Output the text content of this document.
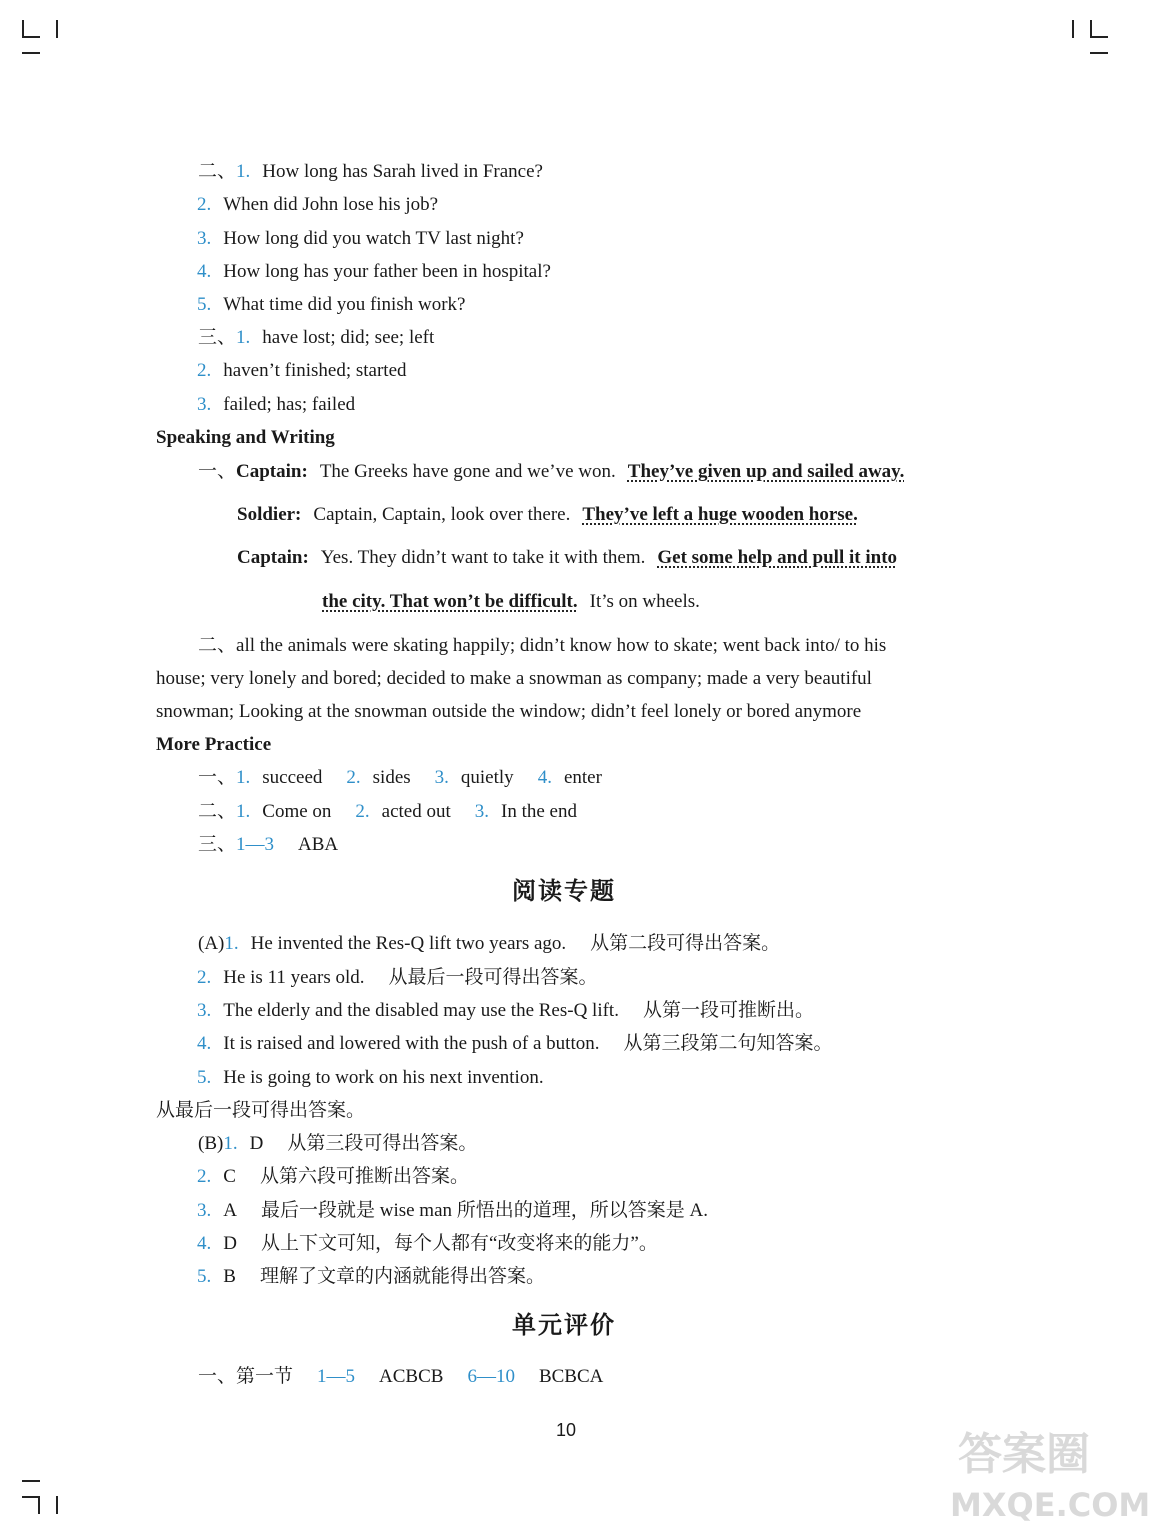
二、1. How long has Sarah lived in France?
2. When did John lose his job?
3. How long did you watch TV last night?
4. How long has your father been in hospital?
5. What time did you finish work?
三、1. have lost; did; see; left
2. haven’t finished; started
3. failed; has; failed
Speaking and Writing
一、Captain: The Greeks have gone and we’ve won. They’ve given up and sailed away.
Soldier: Captain, Captain, look over there. They’ve left a huge wooden horse.
Captain: Yes. They didn’t want to take it with them. Get some help and pull it into
the city. That won’t be difficult. It’s on wheels.
二、all the animals were skating happily; didn’t know how to skate; went back into/ to his
house; very lonely and bored; decided to make a snowman as company; made a very beautiful
snowman; Looking at the snowman outside the window; didn’t feel lonely or bored anymore
More Practice
一、1. succeed 2. sides 3. quietly 4. enter
二、1. Come on 2. acted out 3. In the end
三、1—3 ABA
阅读专题
(A)1. He invented the Res-Q lift two years ago. 从第二段可得出答案。
2. He is 11 years old. 从最后一段可得出答案。
3. The elderly and the disabled may use the Res-Q lift. 从第一段可推断出。
4. It is raised and lowered with the push of a button. 从第三段第二句知答案。
5. He is going to work on his next invention.
从最后一段可得出答案。
(B)1. D 从第三段可得出答案。
2. C 从第六段可推断出答案。
3. A 最后一段就是 wise man 所悟出的道理，所以答案是 A.
4. D 从上下文可知，每个人都有“改变将来的能力”。
5. B 理解了文章的内涵就能得出答案。
单元评价
一、第一节 1—5 ACBCB 6—10 BCBCA
10	答案圈
MXQE.COM
